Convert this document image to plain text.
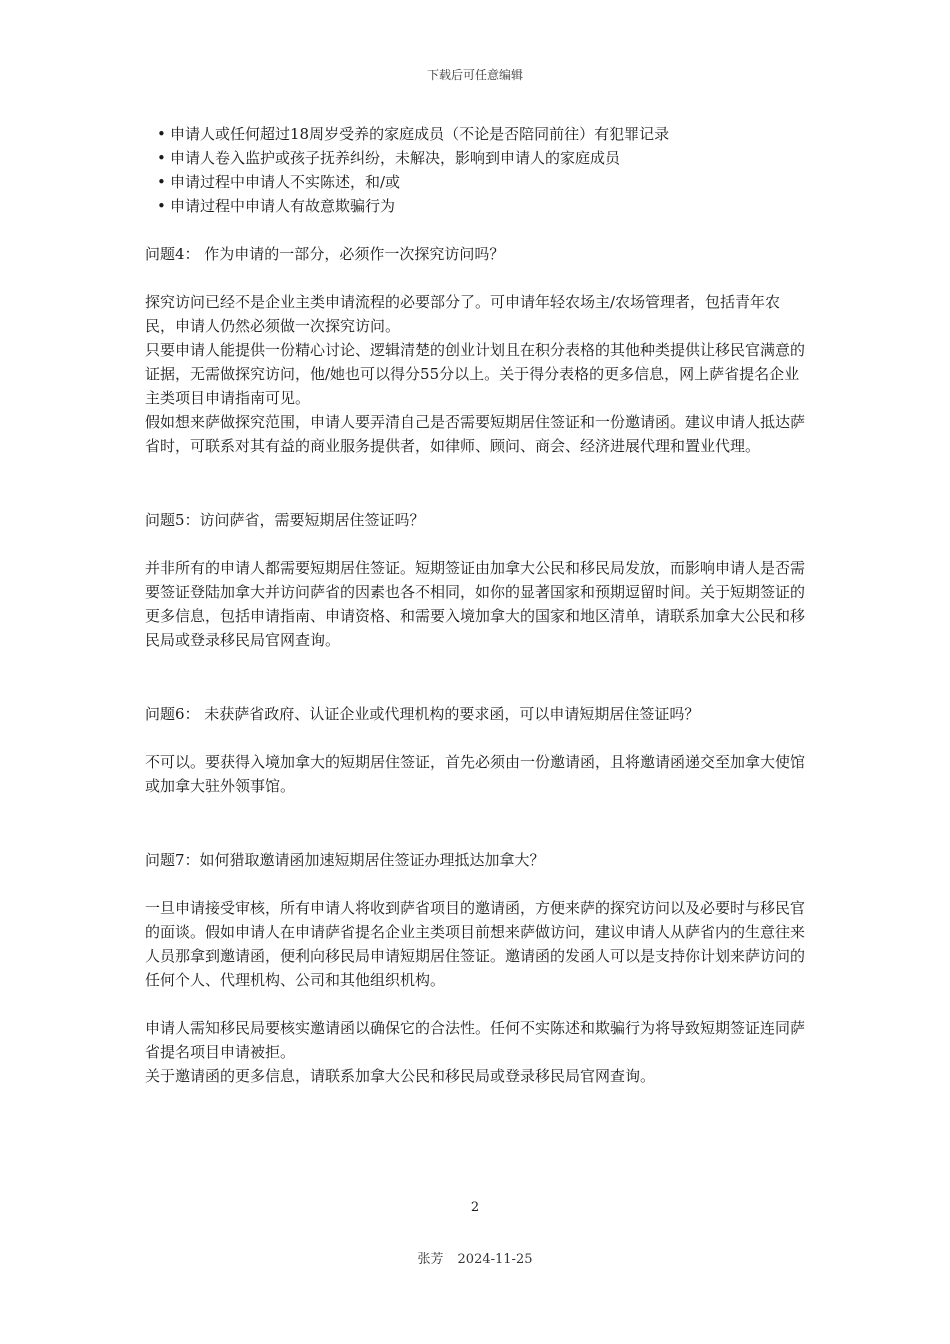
下载后可任意编辑
• 申请人或任何超过18周岁受养的家庭成员（不论是否陪同前往）有犯罪记录
• 申请人卷入监护或孩子抚养纠纷，未解决，影响到申请人的家庭成员
• 申请过程中申请人不实陈述，和/或
• 申请过程中申请人有故意欺骗行为

问题4： 作为申请的一部分，必须作一次探究访问吗？

探究访问已经不是企业主类申请流程的必要部分了。可申请年轻农场主/农场管理者，包括青年农民，申请人仍然必须做一次探究访问。

只要申请人能提供一份精心讨论、逻辑清楚的创业计划且在积分表格的其他种类提供让移民官满意的证据，无需做探究访问，他/她也可以得分55分以上。关于得分表格的更多信息，网上萨省提名企业主类项目申请指南可见。

假如想来萨做探究范围，申请人要弄清自己是否需要短期居住签证和一份邀请函。建议申请人抵达萨省时，可联系对其有益的商业服务提供者，如律师、顾问、商会、经济进展代理和置业代理。

问题5：访问萨省，需要短期居住签证吗？

并非所有的申请人都需要短期居住签证。短期签证由加拿大公民和移民局发放，而影响申请人是否需要签证登陆加拿大并访问萨省的因素也各不相同，如你的显著国家和预期逗留时间。关于短期签证的更多信息，包括申请指南、申请资格、和需要入境加拿大的国家和地区清单，请联系加拿大公民和移民局或登录移民局官网查询。

问题6： 未获萨省政府、认证企业或代理机构的要求函，可以申请短期居住签证吗？

不可以。要获得入境加拿大的短期居住签证，首先必须由一份邀请函，且将邀请函递交至加拿大使馆或加拿大驻外领事馆。

问题7：如何猎取邀请函加速短期居住签证办理抵达加拿大？

一旦申请接受审核，所有申请人将收到萨省项目的邀请函，方便来萨的探究访问以及必要时与移民官的面谈。假如申请人在申请萨省提名企业主类项目前想来萨做访问，建议申请人从萨省内的生意往来人员那拿到邀请函，便利向移民局申请短期居住签证。邀请函的发函人可以是支持你计划来萨访问的任何个人、代理机构、公司和其他组织机构。

申请人需知移民局要核实邀请函以确保它的合法性。任何不实陈述和欺骗行为将导致短期签证连同萨省提名项目申请被拒。

关于邀请函的更多信息，请联系加拿大公民和移民局或登录移民局官网查询。

2
张芳 2024-11-25
